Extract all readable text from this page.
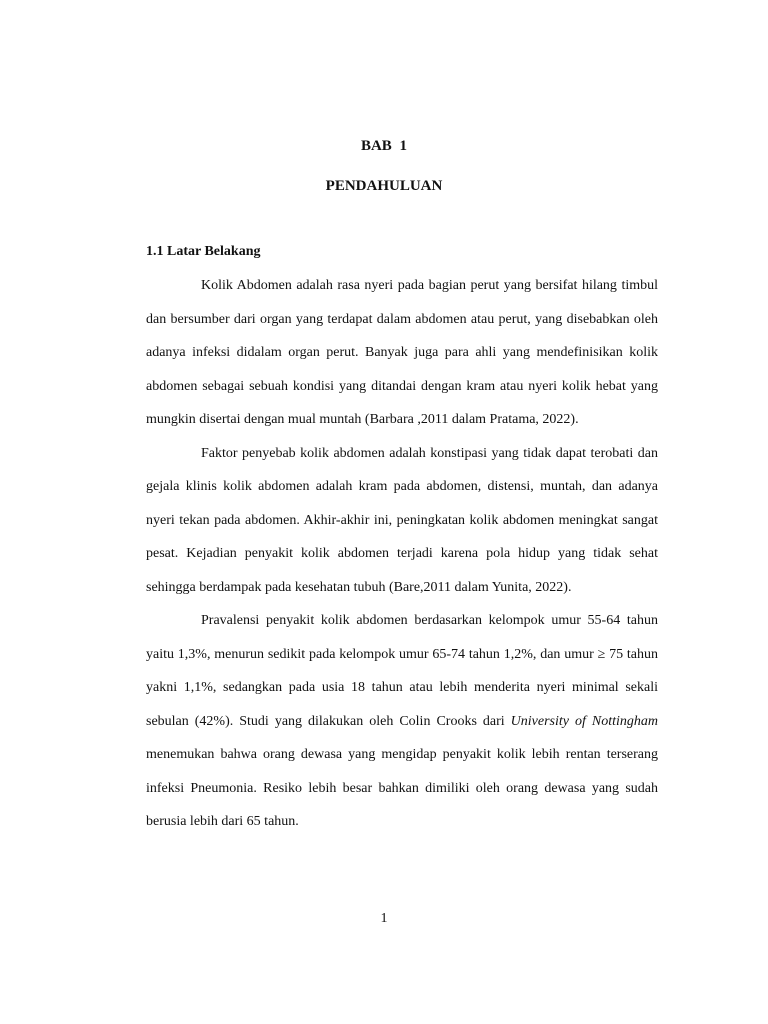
BAB 1
PENDAHULUAN
1.1 Latar Belakang

Kolik Abdomen adalah rasa nyeri pada bagian perut yang bersifat hilang timbul dan bersumber dari organ yang terdapat dalam abdomen atau perut, yang disebabkan oleh adanya infeksi didalam organ perut. Banyak juga para ahli yang mendefinisikan kolik abdomen sebagai sebuah kondisi yang ditandai dengan kram atau nyeri kolik hebat yang mungkin disertai dengan mual muntah (Barbara ,2011 dalam Pratama, 2022).

Faktor penyebab kolik abdomen adalah konstipasi yang tidak dapat terobati dan gejala klinis kolik abdomen adalah kram pada abdomen, distensi, muntah, dan adanya nyeri tekan pada abdomen. Akhir-akhir ini, peningkatan kolik abdomen meningkat sangat pesat. Kejadian penyakit kolik abdomen terjadi karena pola hidup yang tidak sehat sehingga berdampak pada kesehatan tubuh (Bare,2011 dalam Yunita, 2022).

Pravalensi penyakit kolik abdomen berdasarkan kelompok umur 55-64 tahun yaitu 1,3%, menurun sedikit pada kelompok umur 65-74 tahun 1,2%, dan umur ≥ 75 tahun yakni 1,1%, sedangkan pada usia 18 tahun atau lebih menderita nyeri minimal sekali sebulan (42%). Studi yang dilakukan oleh Colin Crooks dari University of Nottingham menemukan bahwa orang dewasa yang mengidap penyakit kolik lebih rentan terserang infeksi Pneumonia. Resiko lebih besar bahkan dimiliki oleh orang dewasa yang sudah berusia lebih dari 65 tahun.

1
